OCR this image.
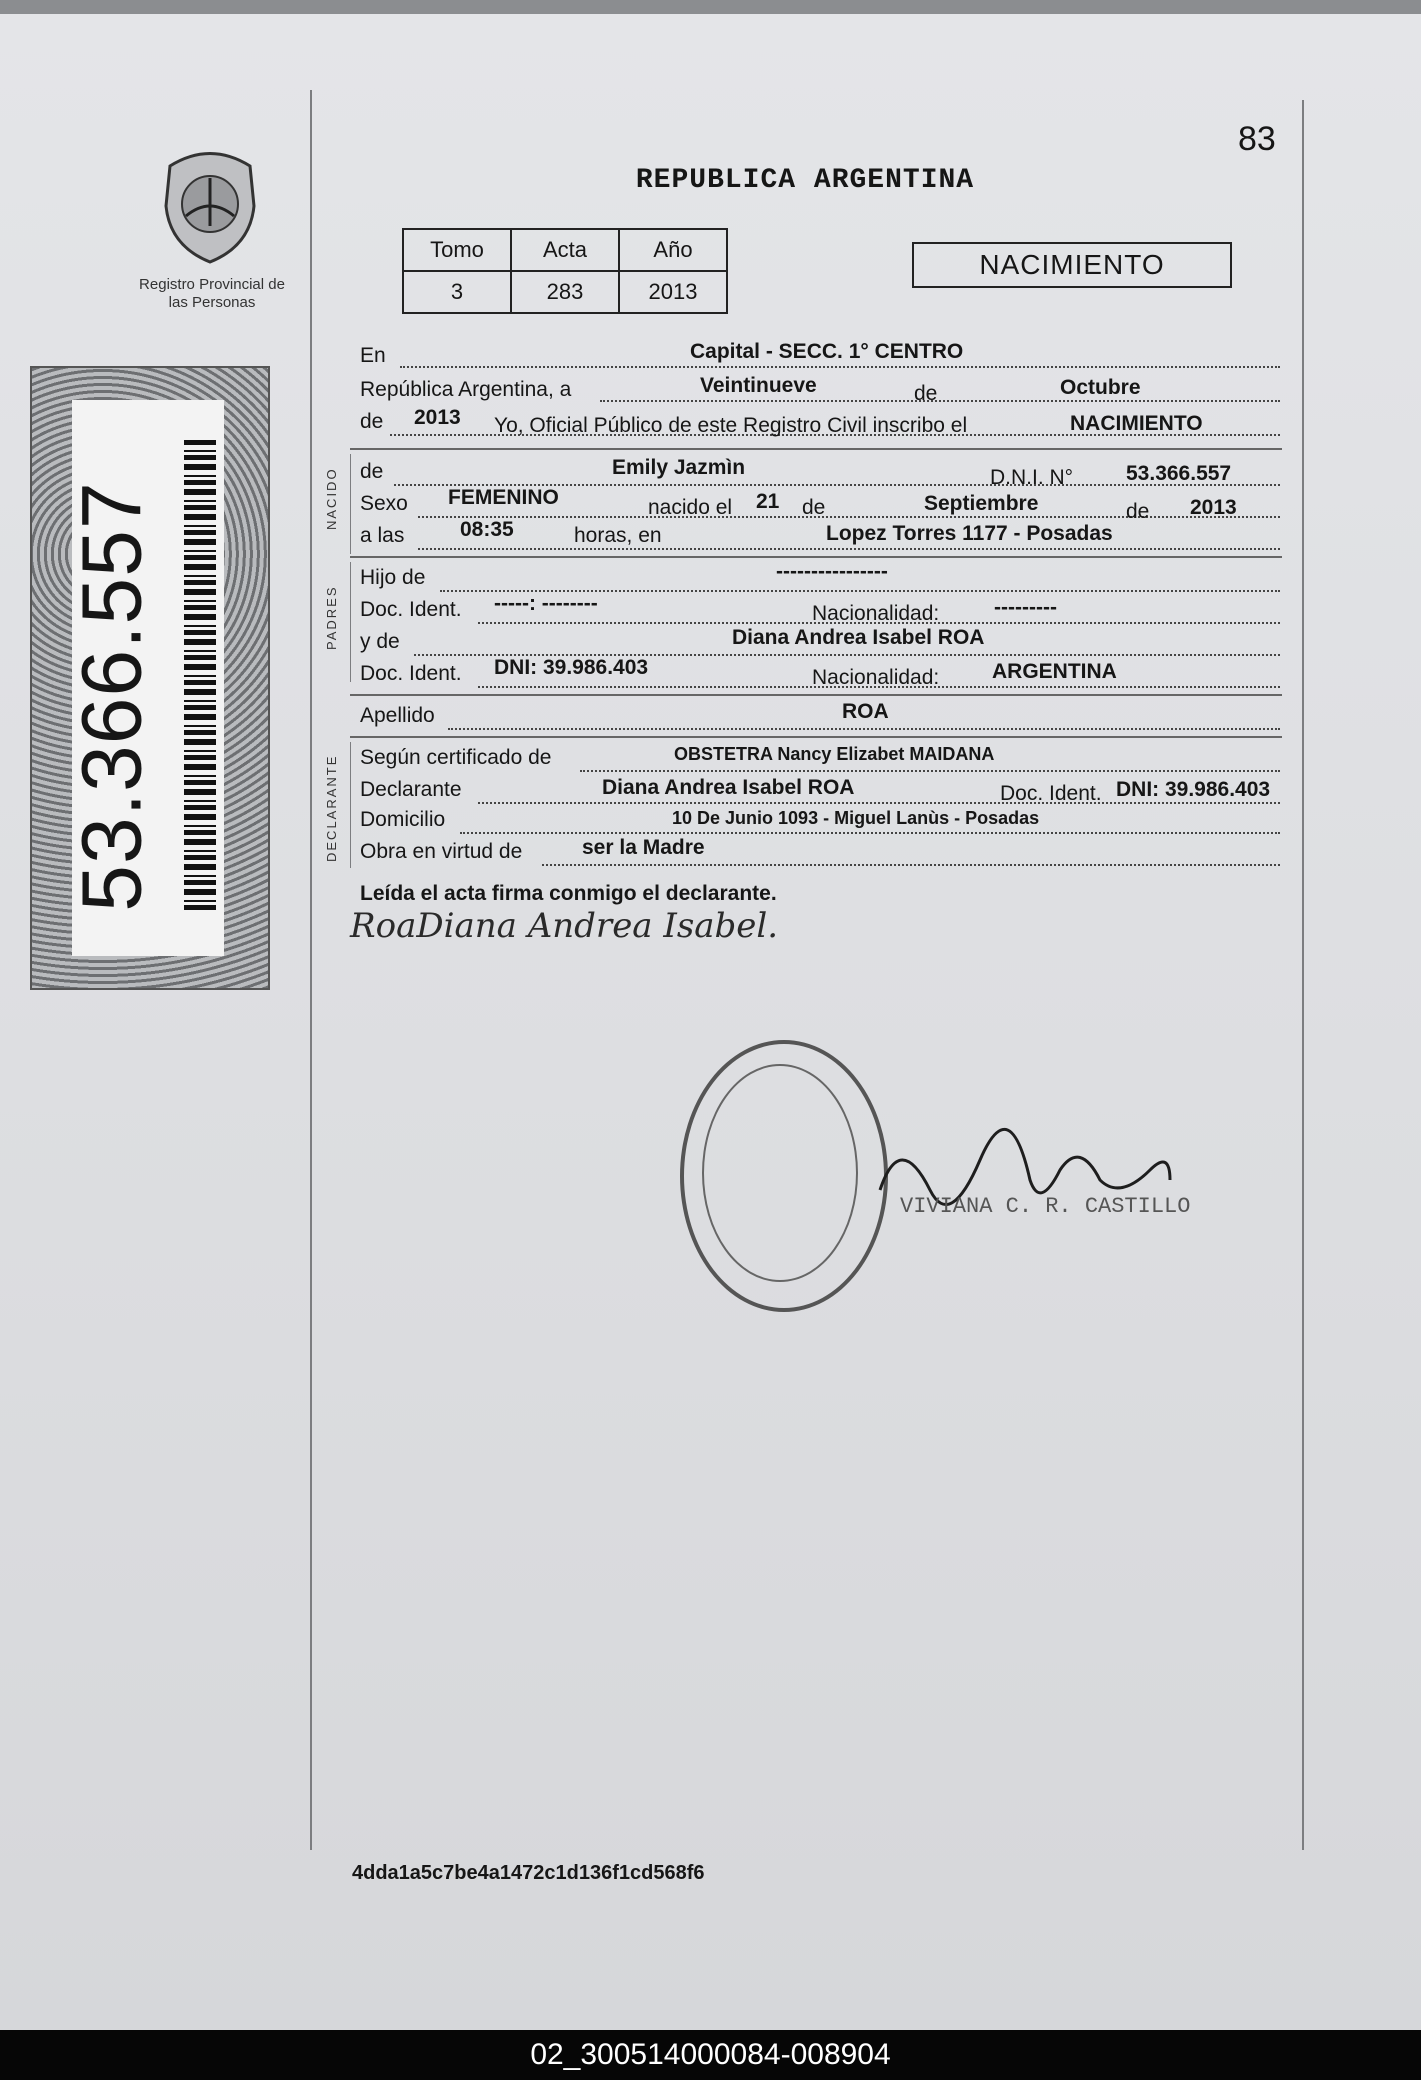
83
Registro Provincial de las Personas
53.366.557
REPUBLICA ARGENTINA
Tomo	Acta	Año
3	283	2013
NACIMIENTO
En	Capital - SECC. 1° CENTRO
República Argentina, a	Veintinueve	de	Octubre
de 2013 Yo, Oficial Público de este Registro Civil inscribo el	NACIMIENTO
NACIDO de	Emily Jazmìn	D.N.I. N°	53.366.557
Sexo FEMENINO	nacido el 21 de	Septiembre	de 2013
a las	08:35	horas, en	Lopez Torres 1177 - Posadas
PADRES
Hijo de	----------------
Doc. Ident. -----: --------	Nacionalidad:	---------
y de	Diana Andrea Isabel ROA
Doc. Ident. DNI: 39.986.403	Nacionalidad:	ARGENTINA
Apellido	ROA
DECLARANTE Según certificado de	OBSTETRA Nancy Elizabet MAIDANA
Declarante	Diana Andrea Isabel ROA	Doc. Ident. DNI: 39.986.403
Domicilio	10 De Junio 1093 - Miguel Lanùs - Posadas
Obra en virtud de	ser la Madre
Leída el acta firma conmigo el declarante.
RoaDiana Andrea Isabel.
VIVIANA C. R. CASTILLO
4dda1a5c7be4a1472c1d136f1cd568f6
02_300514000084-008904
